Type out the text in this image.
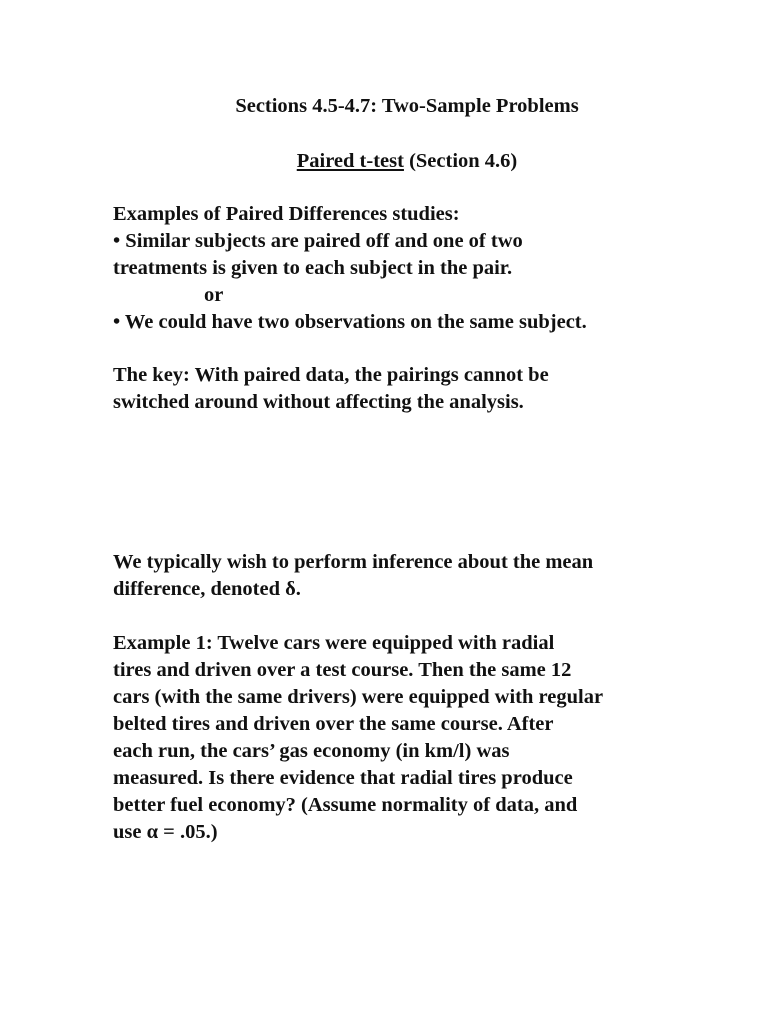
Sections 4.5-4.7: Two-Sample Problems
Paired t-test (Section 4.6)
Examples of Paired Differences studies:
• Similar subjects are paired off and one of two
treatments is given to each subject in the pair.
or
• We could have two observations on the same subject.
The key: With paired data, the pairings cannot be
switched around without affecting the analysis.
We typically wish to perform inference about the mean
difference, denoted δ.
Example 1: Twelve cars were equipped with radial
tires and driven over a test course. Then the same 12
cars (with the same drivers) were equipped with regular
belted tires and driven over the same course. After
each run, the cars’ gas economy (in km/l) was
measured. Is there evidence that radial tires produce
better fuel economy? (Assume normality of data, and
use α = .05.)
